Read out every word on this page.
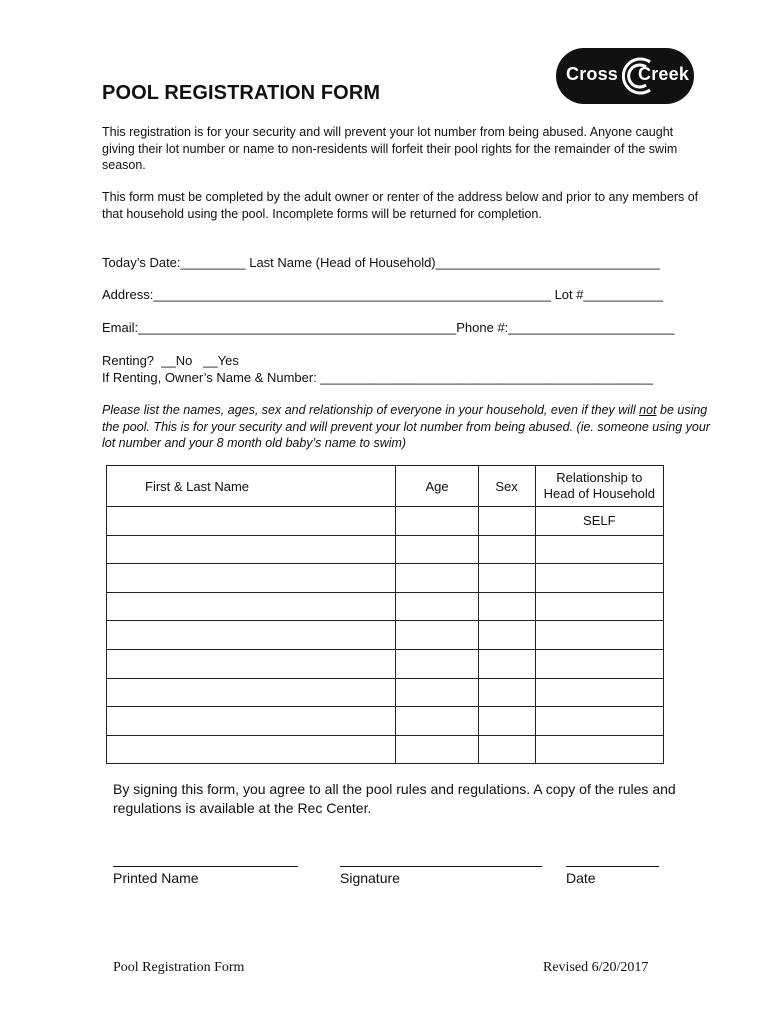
Cross Creek
POOL REGISTRATION FORM
This registration is for your security and will prevent your lot number from being abused. Anyone caught giving their lot number or name to non-residents will forfeit their pool rights for the remainder of the swim season.
This form must be completed by the adult owner or renter of the address below and prior to any members of that household using the pool. Incomplete forms will be returned for completion.
Today’s Date:_________ Last Name (Head of Household)_______________________________
Address:_______________________________________________________ Lot #___________
Email:____________________________________________Phone #:_______________________
Renting?  __No   __Yes
If Renting, Owner’s Name & Number: ______________________________________________
Please list the names, ages, sex and relationship of everyone in your household, even if they will not be using the pool. This is for your security and will prevent your lot number from being abused. (ie. someone using your lot number and your 8 month old baby’s name to swim)
First & Last Name	Age	Sex	Relationship to
Head of Household
			SELF

By signing this form, you agree to all the pool rules and regulations. A copy of the rules and regulations is available at the Rec Center.
Printed Name	Signature	Date
Pool Registration Form	Revised 6/20/2017
